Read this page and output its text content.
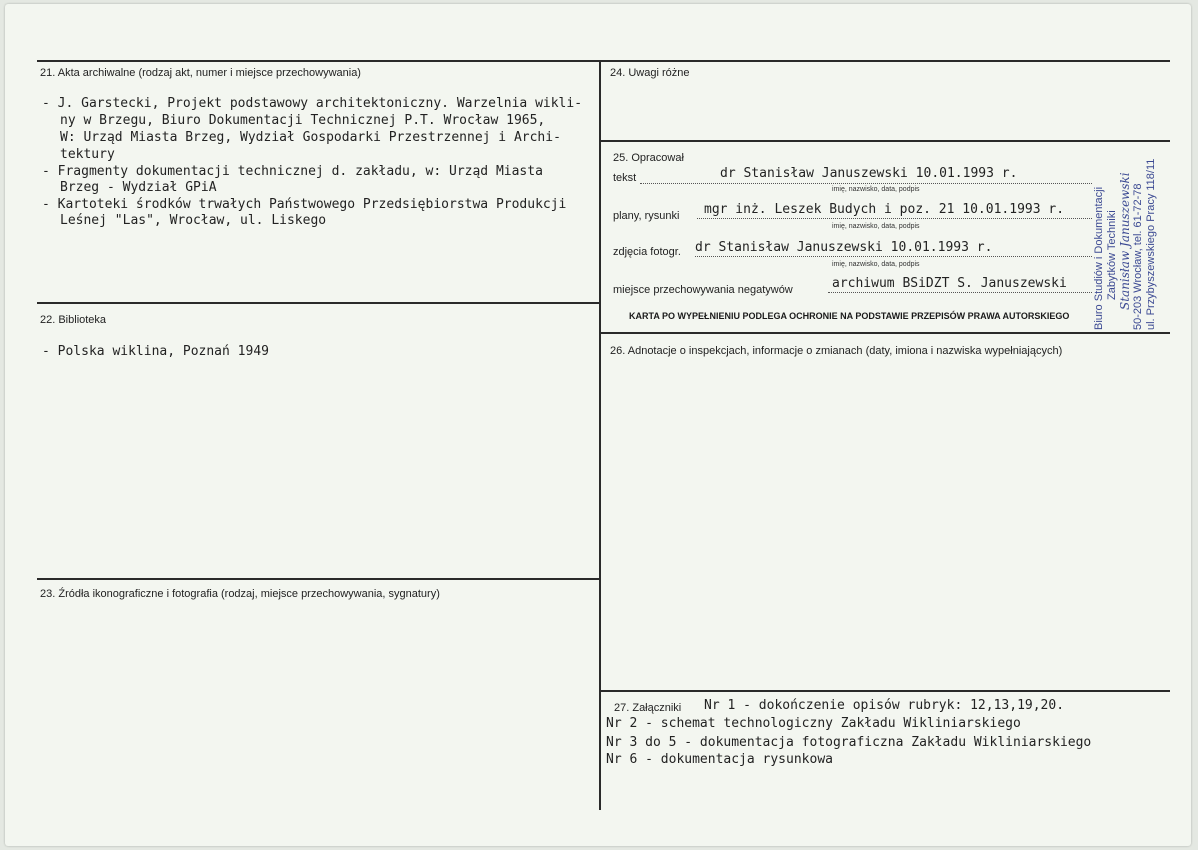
21. Akta archiwalne (rodzaj akt, numer i miejsce przechowywania)
- J. Garstecki, Projekt podstawowy architektoniczny. Warzelnia wikli-
ny w Brzegu, Biuro Dokumentacji Technicznej P.T. Wrocław 1965,
W: Urząd Miasta Brzeg, Wydział Gospodarki Przestrzennej i Archi-
tektury
- Fragmenty dokumentacji technicznej d. zakładu, w: Urząd Miasta
Brzeg - Wydział GPiA
- Kartoteki środków trwałych Państwowego Przedsiębiorstwa Produkcji
Leśnej "Las", Wrocław, ul. Liskego
22. Biblioteka
- Polska wiklina, Poznań 1949
23. Źródła ikonograficzne i fotografia (rodzaj, miejsce przechowywania, sygnatury)
24. Uwagi różne
25. Opracował
tekst	dr Stanisław Januszewski 10.01.1993 r.
imię, nazwisko, data, podpis
plany, rysunki mgr inż. Leszek Budych i poz. 21 10.01.1993 r.
imię, nazwisko, data, podpis
zdjęcia fotogr. dr Stanisław Januszewski 10.01.1993 r.
imię, nazwisko, data, podpis
miejsce przechowywania negatywów	archiwum BSiDZT S. Januszewski
KARTA PO WYPEŁNIENIU PODLEGA OCHRONIE NA PODSTAWIE PRZEPISÓW PRAWA AUTORSKIEGO
26. Adnotacje o inspekcjach, informacje o zmianach (daty, imiona i nazwiska wypełniających)
27. Załączniki Nr 1 - dokończenie opisów rubryk: 12,13,19,20.
Nr 2 - schemat technologiczny Zakładu Wikliniarskiego
Nr 3 do 5 - dokumentacja fotograficzna Zakładu Wikliniarskiego
Nr 6 - dokumentacja rysunkowa
Biuro Studiów i Dokumentacji Zabytków Techniki Stanisław Januszewski 50-203 Wrocław, tel. 61-72-78 ul. Przybyszewskiego Pracy 118/11
